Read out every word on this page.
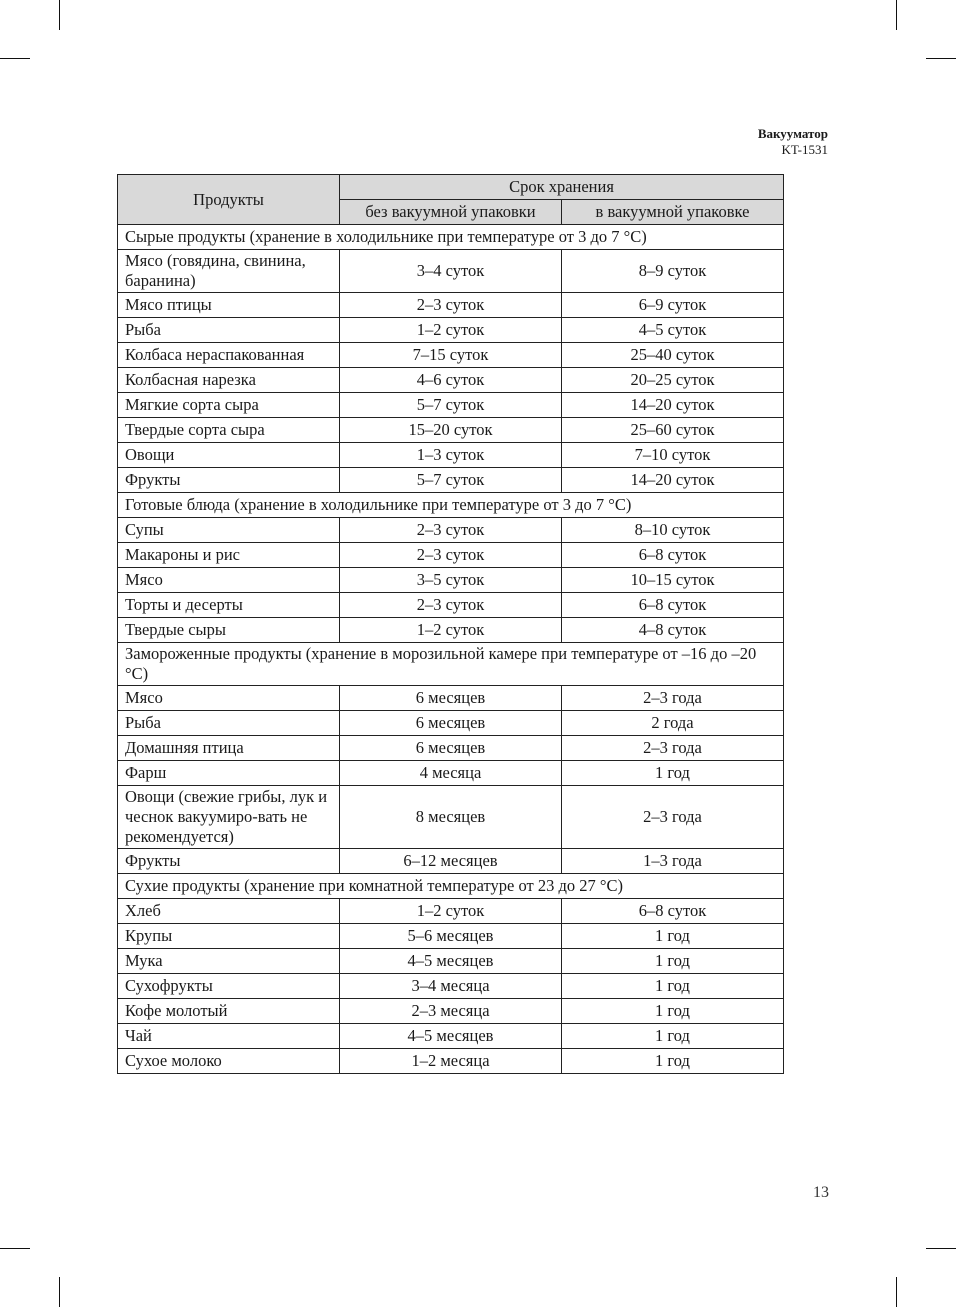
Вакууматор
KT-1531
Продукты	Срок хранения	
	без вакуумной упаковки	в вакуумной упаковке
Сырые продукты (хранение в холодильнике при температуре от 3 до 7 °С)		
Мясо (говядина, свинина, баранина)	3–4 суток	8–9 суток
Мясо птицы	2–3 суток	6–9 суток
Рыба	1–2 суток	4–5 суток
Колбаса нераспакованная	7–15 суток	25–40 суток
Колбасная нарезка	4–6 суток	20–25 суток
Мягкие сорта сыра	5–7 суток	14–20 суток
Твердые сорта сыра	15–20 суток	25–60 суток
Овощи	1–3 суток	7–10 суток
Фрукты	5–7 суток	14–20 суток
Готовые блюда (хранение в холодильнике при температуре от 3 до 7 °С)		
Супы	2–3 суток	8–10 суток
Макароны и рис	2–3 суток	6–8 суток
Мясо	3–5 суток	10–15 суток
Торты и десерты	2–3 суток	6–8 суток
Твердые сыры	1–2 суток	4–8 суток
Замороженные продукты (хранение в морозильной камере при температуре от –16 до –20 °С)		
Мясо	6 месяцев	2–3 года
Рыба	6 месяцев	2 года
Домашняя птица	6 месяцев	2–3 года
Фарш	4 месяца	1 год
Овощи (свежие грибы, лук и чеснок вакуумиро-вать не рекомендуется)	8 месяцев	2–3 года
Фрукты	6–12 месяцев	1–3 года
Сухие продукты (хранение при комнатной температуре от 23 до 27 °С)		
Хлеб	1–2 суток	6–8 суток
Крупы	5–6 месяцев	1 год
Мука	4–5 месяцев	1 год
Сухофрукты	3–4 месяца	1 год
Кофе молотый	2–3 месяца	1 год
Чай	4–5 месяцев	1 год
Сухое молоко	1–2 месяца	1 год
13
